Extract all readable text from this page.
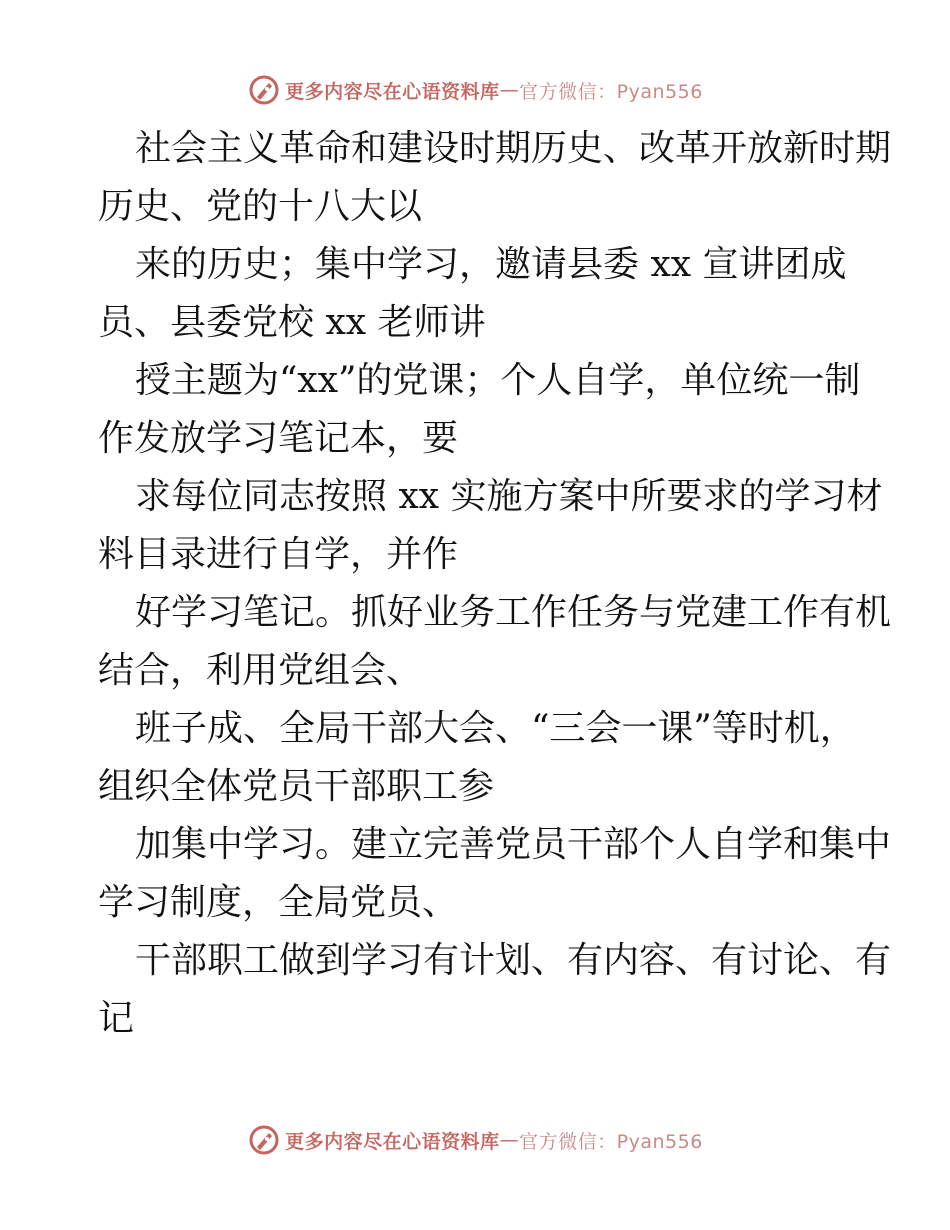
更多内容尽在心语资料库 — 官方微信：Pyan556
社会主义革命和建设时期历史、改革开放新时期
历史、党的十八大以
来的历史；集中学习，邀请县委 xx 宣讲团成
员、县委党校 xx 老师讲
授主题为“xx”的党课；个人自学，单位统一制
作发放学习笔记本，要
求每位同志按照 xx 实施方案中所要求的学习材
料目录进行自学，并作
好学习笔记。抓好业务工作任务与党建工作有机
结合，利用党组会、
班子成、全局干部大会、“三会一课”等时机，
组织全体党员干部职工参
加集中学习。建立完善党员干部个人自学和集中
学习制度，全局党员、
干部职工做到学习有计划、有内容、有讨论、有
记
更多内容尽在心语资料库 — 官方微信：Pyan556
